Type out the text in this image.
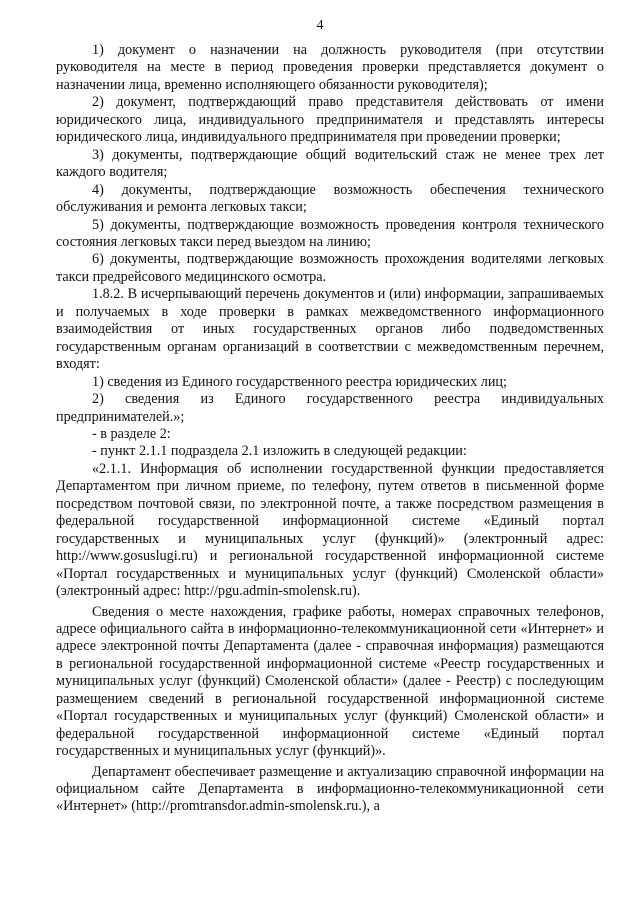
4

1) документ о назначении на должность руководителя (при отсутствии руководителя на месте в период проведения проверки представляется документ о назначении лица, временно исполняющего обязанности руководителя);

2) документ, подтверждающий право представителя действовать от имени юридического лица, индивидуального предпринимателя и представлять интересы юридического лица, индивидуального предпринимателя при проведении проверки;

3) документы, подтверждающие общий водительский стаж не менее трех лет каждого водителя;

4) документы, подтверждающие возможность обеспечения технического обслуживания и ремонта легковых такси;

5) документы, подтверждающие возможность проведения контроля технического состояния легковых такси перед выездом на линию;

6) документы, подтверждающие возможность прохождения водителями легковых такси предрейсового медицинского осмотра.

1.8.2. В исчерпывающий перечень документов и (или) информации, запрашиваемых и получаемых в ходе проверки в рамках межведомственного информационного взаимодействия от иных государственных органов либо подведомственных государственным органам организаций в соответствии с межведомственным перечнем, входят:

1) сведения из Единого государственного реестра юридических лиц;

2) сведения из Единого государственного реестра индивидуальных предпринимателей.»;

- в разделе 2:

- пункт 2.1.1 подраздела 2.1 изложить в следующей редакции:

«2.1.1. Информация об исполнении государственной функции предоставляется Департаментом при личном приеме, по телефону, путем ответов в письменной форме посредством почтовой связи, по электронной почте, а также посредством размещения в федеральной государственной информационной системе «Единый портал государственных и муниципальных услуг (функций)» (электронный адрес: http://www.gosuslugi.ru) и региональной государственной информационной системе «Портал государственных и муниципальных услуг (функций) Смоленской области» (электронный адрес: http://pgu.admin-smolensk.ru).

Сведения о месте нахождения, графике работы, номерах справочных телефонов, адресе официального сайта в информационно-телекоммуникационной сети «Интернет» и адресе электронной почты Департамента (далее - справочная информация) размещаются в региональной государственной информационной системе «Реестр государственных и муниципальных услуг (функций) Смоленской области» (далее - Реестр) с последующим размещением сведений в региональной государственной информационной системе «Портал государственных и муниципальных услуг (функций) Смоленской области» и федеральной государственной информационной системе «Единый портал государственных и муниципальных услуг (функций)».

Департамент обеспечивает размещение и актуализацию справочной информации на официальном сайте Департамента в информационно-телекоммуникационной сети «Интернет» (http://promtransdor.admin-smolensk.ru.), а
